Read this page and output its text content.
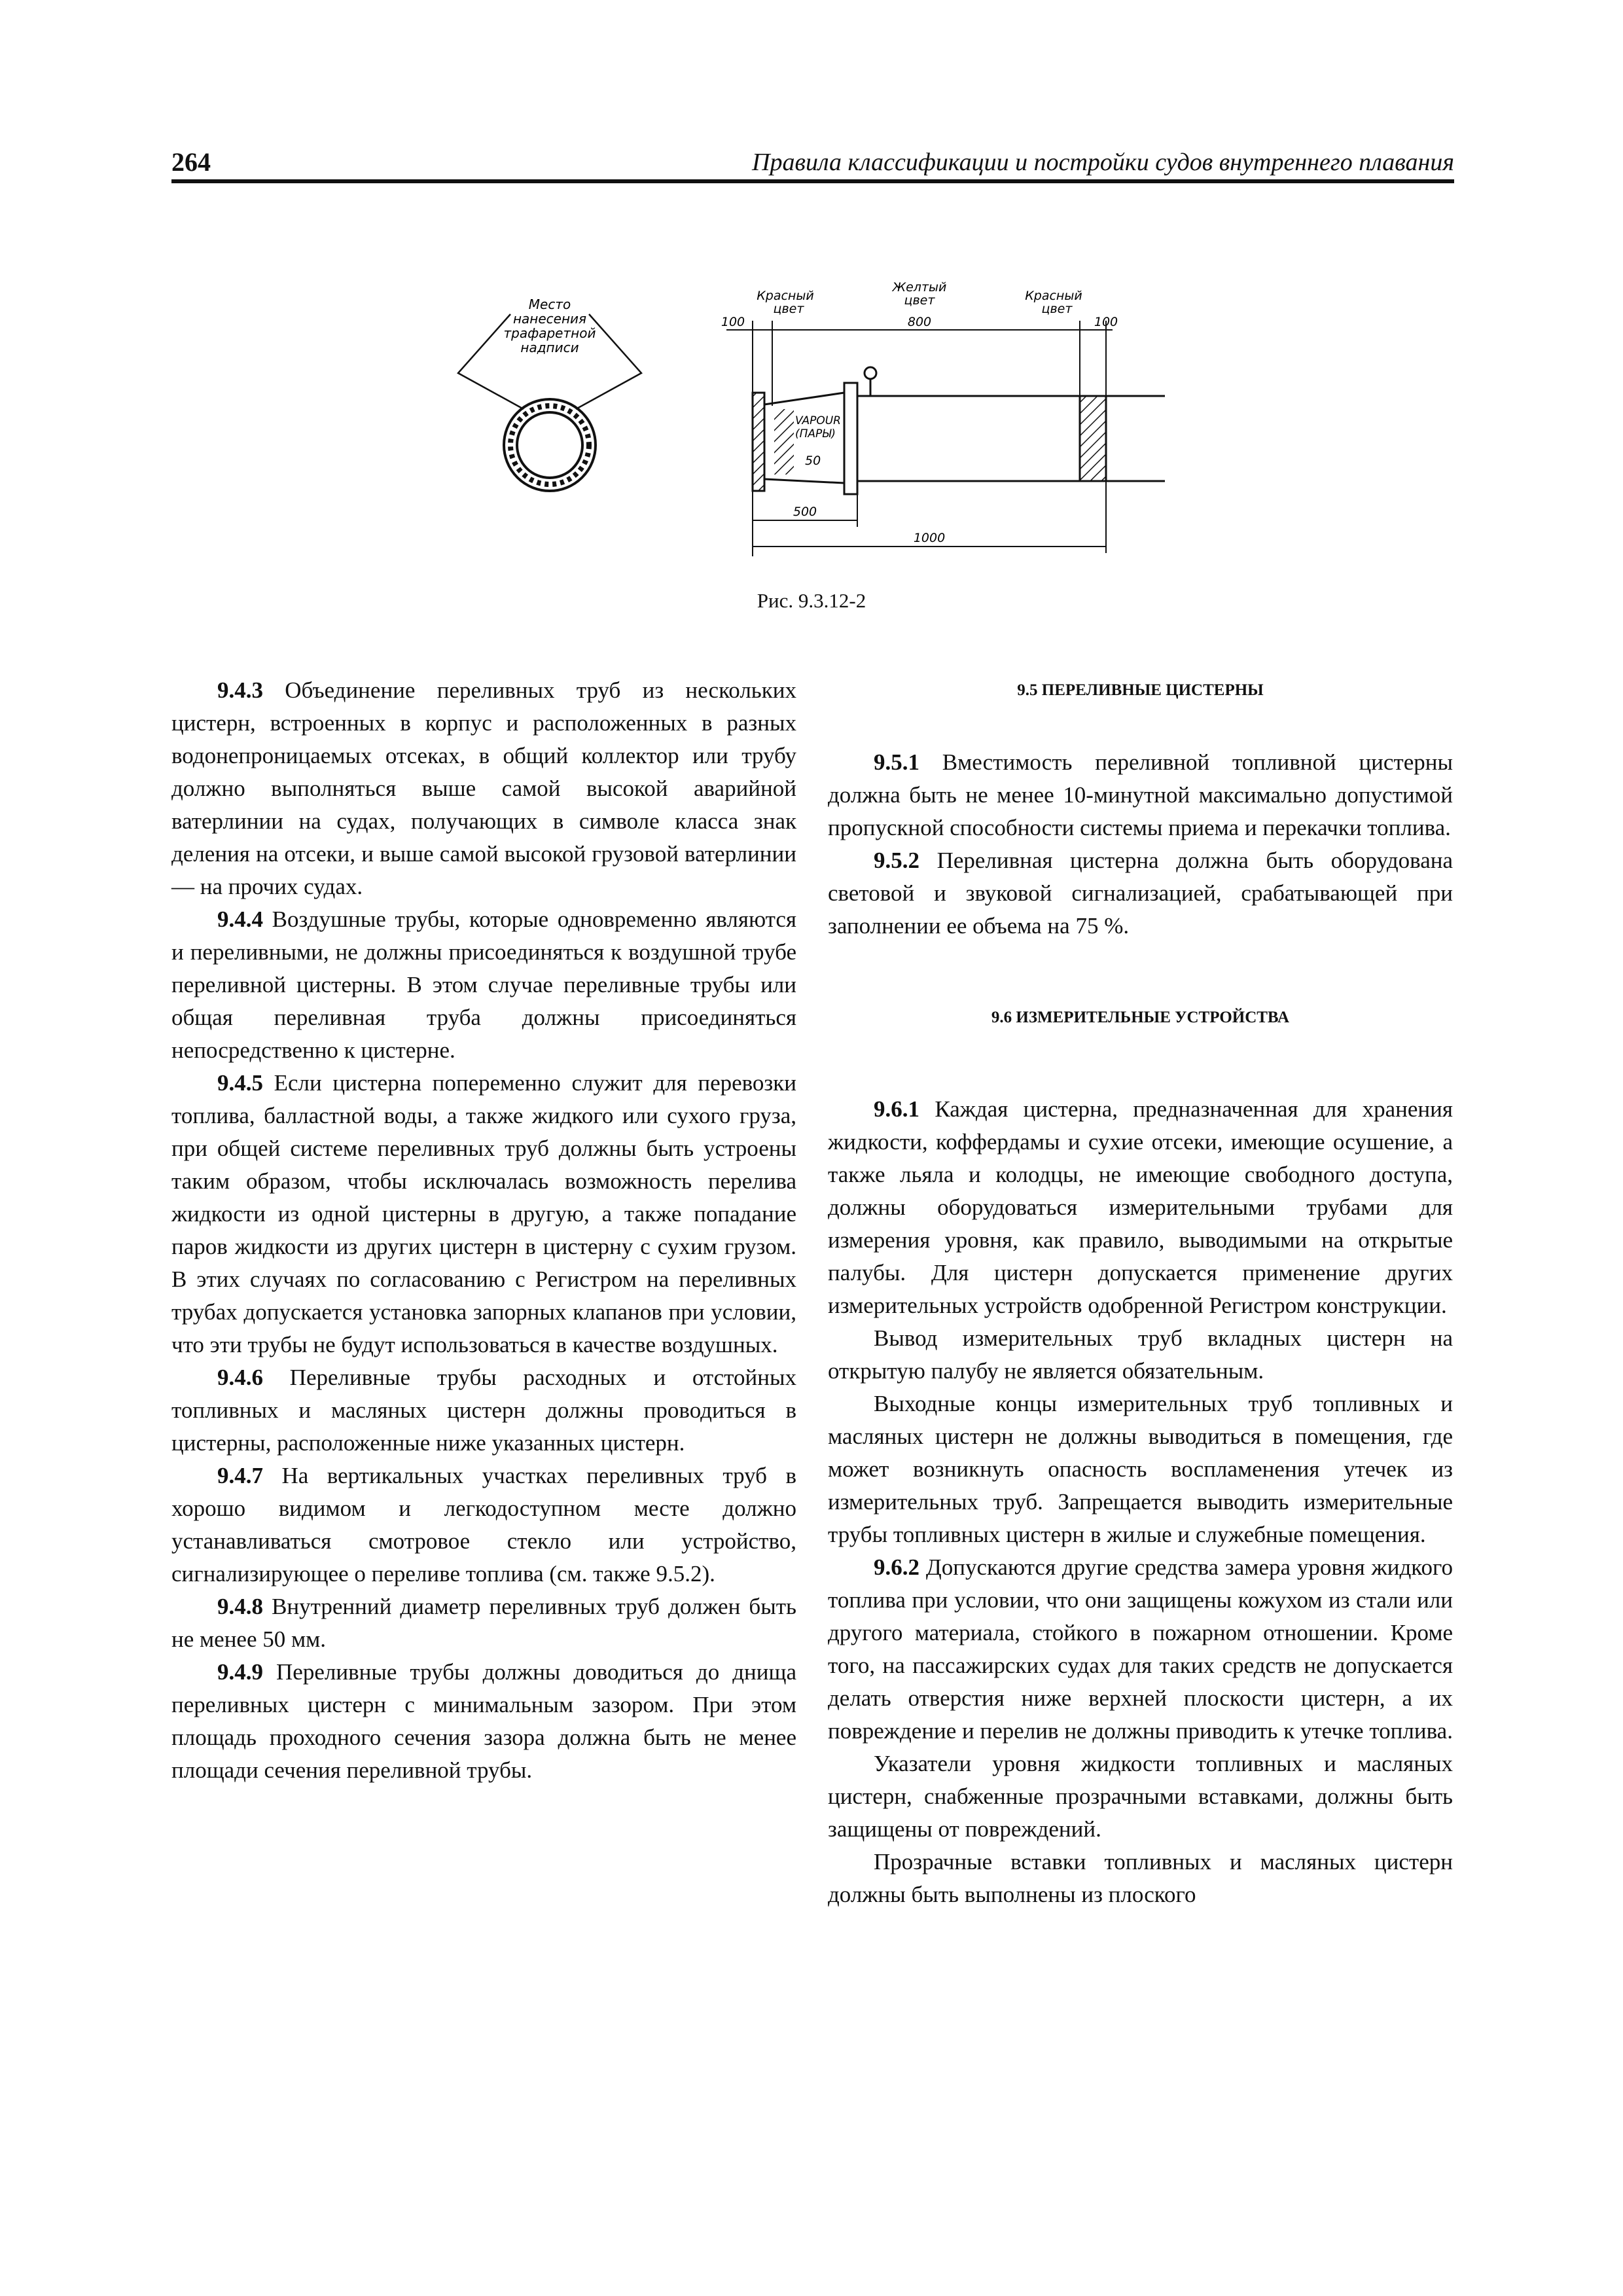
264	Правила классификации и постройки судов внутреннего плавания
Место
нанесения
трафаретной
надписи
VAPOUR
(ПАРЫ)
50
Красный
цвет
Желтый
цвет	Красный
цвет
100	800	100
500
1000
Рис. 9.3.12-2

9.4.3 Объединение переливных труб из нескольких цистерн, встроенных в корпус и расположенных в разных водонепроницаемых отсеках, в общий коллектор или трубу должно выполняться выше самой высокой аварийной ватерлинии на судах, получающих в символе класса знак деления на отсеки, и выше самой высокой грузовой ватерлинии — на прочих судах.

9.4.4 Воздушные трубы, которые одновременно являются и переливными, не должны присоединяться к воздушной трубе переливной цистерны. В этом случае переливные трубы или общая переливная труба должны присоединяться непосредственно к цистерне.

9.4.5 Если цистерна попеременно служит для перевозки топлива, балластной воды, а также жидкого или сухого груза, при общей системе переливных труб должны быть устроены таким образом, чтобы исключалась возможность перелива жидкости из одной цистерны в другую, а также попадание паров жидкости из других цистерн в цистерну с сухим грузом. В этих случаях по согласованию с Регистром на переливных трубах допускается установка запорных клапанов при условии, что эти трубы не будут использоваться в качестве воздушных.

9.4.6 Переливные трубы расходных и отстойных топливных и масляных цистерн должны проводиться в цистерны, расположенные ниже указанных цистерн.

9.4.7 На вертикальных участках переливных труб в хорошо видимом и легкодоступном месте должно устанавливаться смотровое стекло или устройство, сигнализирующее о переливе топлива (см. также 9.5.2).

9.4.8 Внутренний диаметр переливных труб должен быть не менее 50 мм.

9.4.9 Переливные трубы должны доводиться до днища переливных цистерн с минимальным зазором. При этом площадь проходного сечения зазора должна быть не менее площади сечения переливной трубы.

9.5 ПЕРЕЛИВНЫЕ ЦИСТЕРНЫ

9.5.1 Вместимость переливной топливной цистерны должна быть не менее 10-минутной максимально допустимой пропускной способности системы приема и перекачки топлива.

9.5.2 Переливная цистерна должна быть оборудована световой и звуковой сигнализацией, срабатывающей при заполнении ее объема на 75 %.

9.6 ИЗМЕРИТЕЛЬНЫЕ УСТРОЙСТВА

9.6.1 Каждая цистерна, предназначенная для хранения жидкости, коффердамы и сухие отсеки, имеющие осушение, а также льяла и колодцы, не имеющие свободного доступа, должны оборудоваться измерительными трубами для измерения уровня, как правило, выводимыми на открытые палубы. Для цистерн допускается применение других измерительных устройств одобренной Регистром конструкции.

Вывод измерительных труб вкладных цистерн на открытую палубу не является обязательным.

Выходные концы измерительных труб топливных и масляных цистерн не должны выводиться в помещения, где может возникнуть опасность воспламенения утечек из измерительных труб. Запрещается выводить измерительные трубы топливных цистерн в жилые и служебные помещения.

9.6.2 Допускаются другие средства замера уровня жидкого топлива при условии, что они защищены кожухом из стали или другого материала, стойкого в пожарном отношении. Кроме того, на пассажирских судах для таких средств не допускается делать отверстия ниже верхней плоскости цистерн, а их повреждение и перелив не должны приводить к утечке топлива.

Указатели уровня жидкости топливных и масляных цистерн, снабженные прозрачными вставками, должны быть защищены от повреждений.

Прозрачные вставки топливных и масляных цистерн должны быть выполнены из плоского
